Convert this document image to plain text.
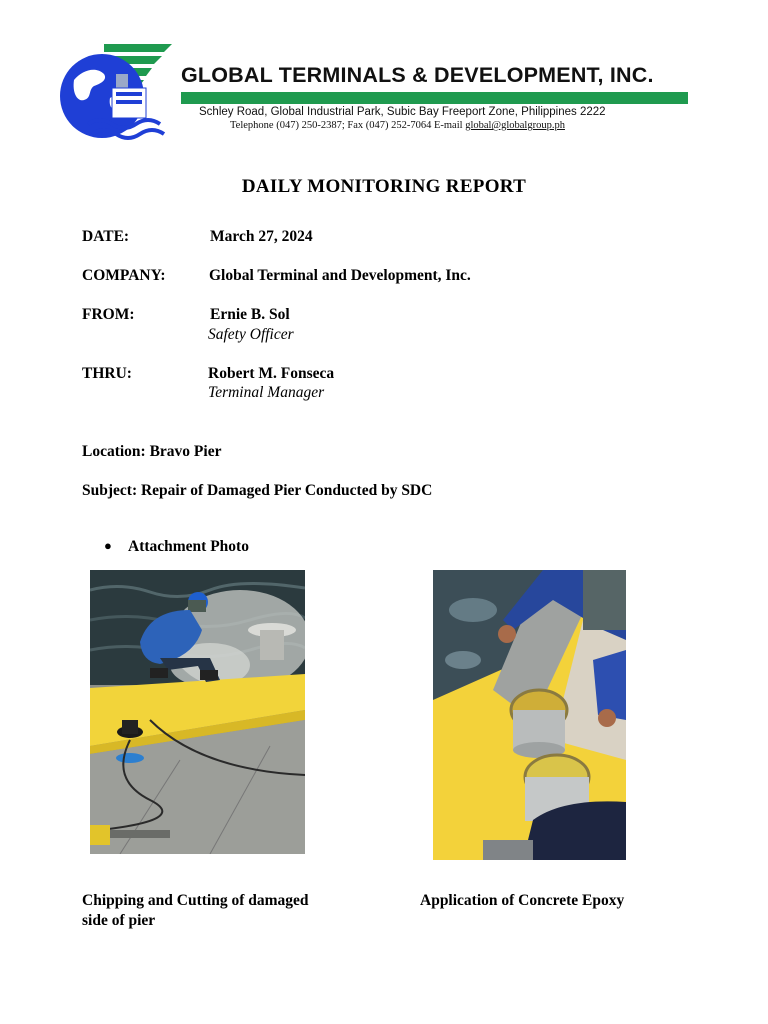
GLOBAL TERMINALS & DEVELOPMENT, INC.
Schley Road, Global Industrial Park, Subic Bay Freeport Zone, Philippines 2222
Telephone (047) 250-2387; Fax (047) 252-7064 E-mail global@globalgroup.ph
DAILY MONITORING REPORT
DATE:	March 27, 2024
COMPANY:	Global Terminal and Development, Inc.
FROM:	Ernie B. Sol
Safety Officer
THRU:	Robert M. Fonseca
Terminal Manager
Location: Bravo Pier
Subject: Repair of Damaged Pier Conducted by SDC
● Attachment Photo
Chipping and Cutting of damaged side of pier
Application of Concrete Epoxy
